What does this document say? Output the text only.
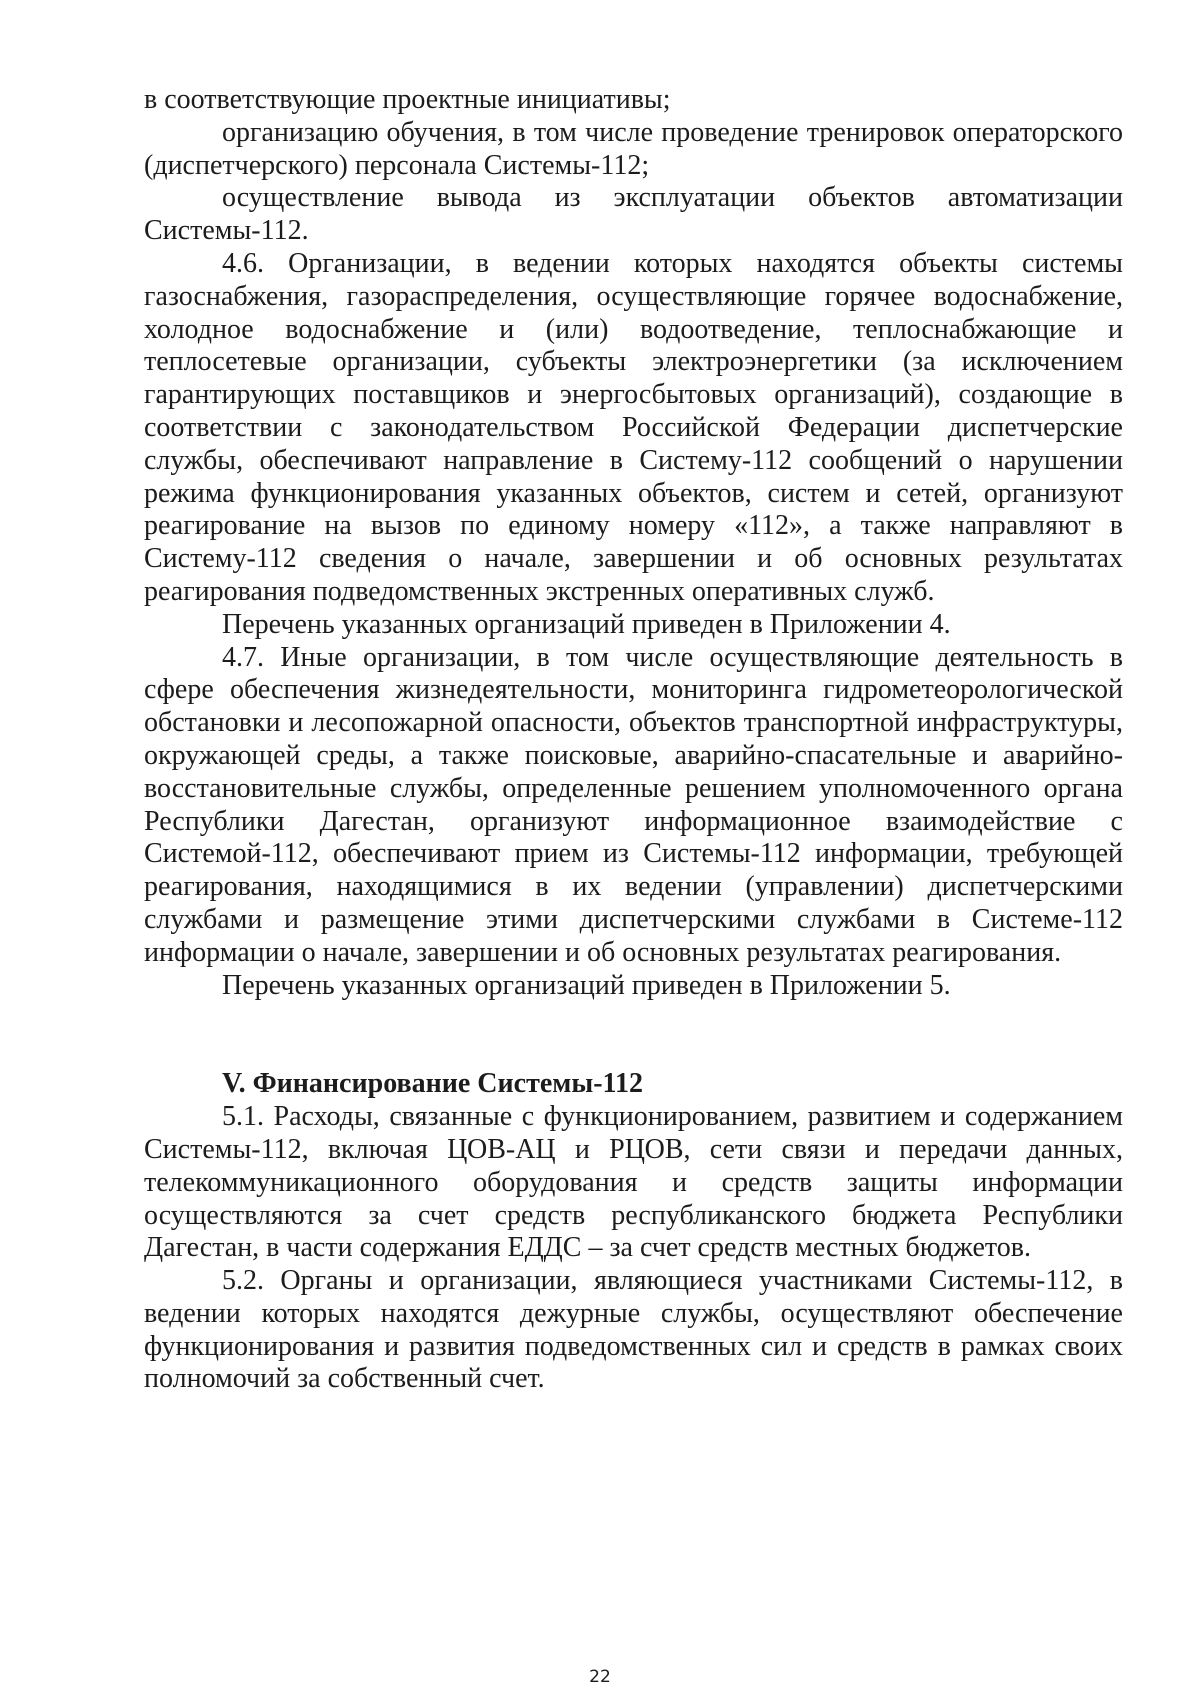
в соответствующие проектные инициативы;

организацию обучения, в том числе проведение тренировок операторского (диспетчерского) персонала Системы-112;

осуществление вывода из эксплуатации объектов автоматизации Системы-112.

4.6. Организации, в ведении которых находятся объекты системы газоснабжения, газораспределения, осуществляющие горячее водоснабжение, холодное водоснабжение и (или) водоотведение, теплоснабжающие и теплосетевые организации, субъекты электроэнергетики (за исключением гарантирующих поставщиков и энергосбытовых организаций), создающие в соответствии с законодательством Российской Федерации диспетчерские службы, обеспечивают направление в Систему-112 сообщений о нарушении режима функционирования указанных объектов, систем и сетей, организуют реагирование на вызов по единому номеру «112», а также направляют в Систему-112 сведения о начале, завершении и об основных результатах реагирования подведомственных экстренных оперативных служб.

Перечень указанных организаций приведен в Приложении 4.

4.7. Иные организации, в том числе осуществляющие деятельность в сфере обеспечения жизнедеятельности, мониторинга гидрометеорологической обстановки и лесопожарной опасности, объектов транспортной инфраструктуры, окружающей среды, а также поисковые, аварийно-спасательные и аварийно-восстановительные службы, определенные решением уполномоченного органа Республики Дагестан, организуют информационное взаимодействие с Системой-112, обеспечивают прием из Системы-112 информации, требующей реагирования, находящимися в их ведении (управлении) диспетчерскими службами и размещение этими диспетчерскими службами в Системе-112 информации о начале, завершении и об основных результатах реагирования.

Перечень указанных организаций приведен в Приложении 5.

V. Финансирование Системы-112

5.1. Расходы, связанные с функционированием, развитием и содержанием Системы-112, включая ЦОВ-АЦ и РЦОВ, сети связи и передачи данных, телекоммуникационного оборудования и средств защиты информации осуществляются за счет средств республиканского бюджета Республики Дагестан, в части содержания ЕДДС – за счет средств местных бюджетов.

5.2. Органы и организации, являющиеся участниками Системы-112, в ведении которых находятся дежурные службы, осуществляют обеспечение функционирования и развития подведомственных сил и средств в рамках своих полномочий за собственный счет.

22
